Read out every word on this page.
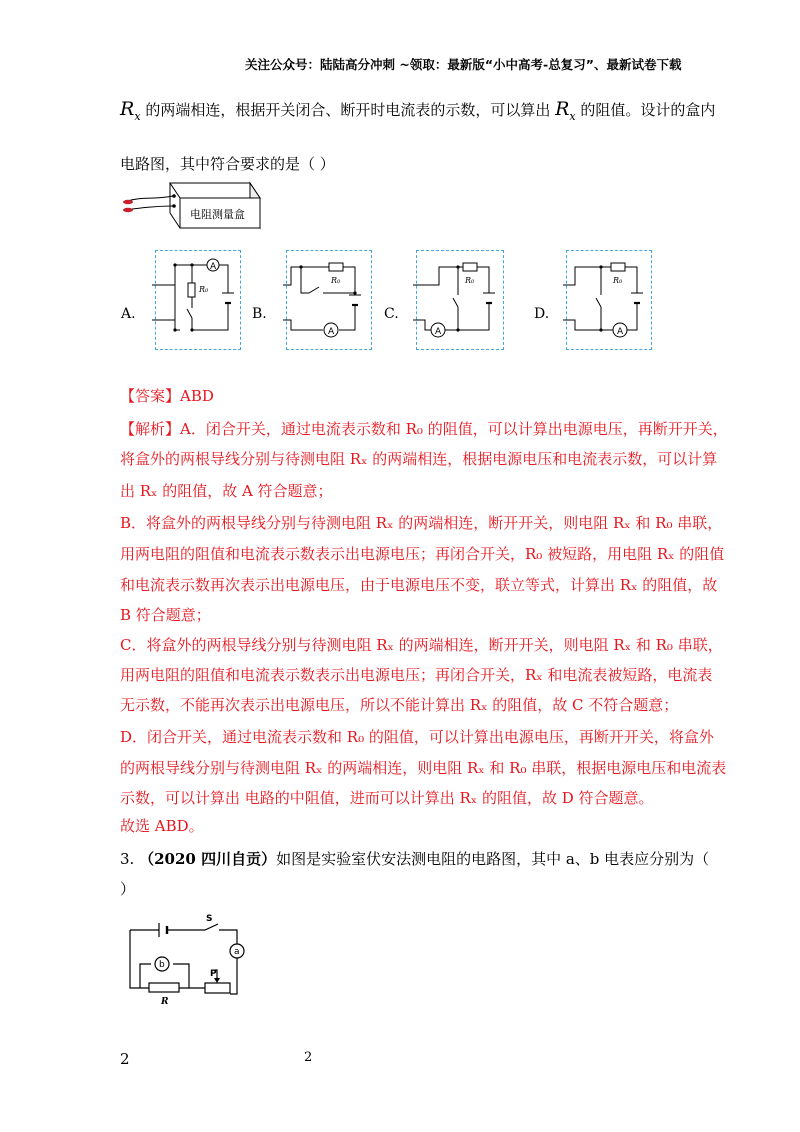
关注公众号：陆陆高分冲刺 ~领取：最新版“小中高考-总复习”、最新试卷下载
$R_x$ 的两端相连，根据开关闭合、断开时电流表的示数，可以算出 $R_x$ 的阻值。设计的盒内
电路图，其中符合要求的是（ ）
电阻测量盒
A.
A
R₀
B.
A
R₀
C.
A
R₀
D.
A
R₀
【答案】ABD
【解析】A．闭合开关，通过电流表示数和 R₀ 的阻值，可以计算出电源电压，再断开开关，
将盒外的两根导线分别与待测电阻 Rₓ 的两端相连，根据电源电压和电流表示数，可以计算
出 Rₓ 的阻值，故 A 符合题意；
B．将盒外的两根导线分别与待测电阻 Rₓ 的两端相连，断开开关，则电阻 Rₓ 和 R₀ 串联，
用两电阻的阻值和电流表示数表示出电源电压；再闭合开关，R₀ 被短路，用电阻 Rₓ 的阻值
和电流表示数再次表示出电源电压，由于电源电压不变，联立等式，计算出 Rₓ 的阻值，故
B 符合题意；
C．将盒外的两根导线分别与待测电阻 Rₓ 的两端相连，断开开关，则电阻 Rₓ 和 R₀ 串联，
用两电阻的阻值和电流表示数表示出电源电压；再闭合开关，Rₓ 和电流表被短路，电流表
无示数，不能再次表示出电源电压，所以不能计算出 Rₓ 的阻值，故 C 不符合题意；
D．闭合开关，通过电流表示数和 R₀ 的阻值，可以计算出电源电压，再断开开关，将盒外
的两根导线分别与待测电阻 Rₓ 的两端相连，则电阻 Rₓ 和 R₀ 串联，根据电源电压和电流表
示数，可以计算出 电路的中阻值，进而可以计算出 Rₓ 的阻值，故 D 符合题意。
故选 ABD。
3. （2020 四川自贡）如图是实验室伏安法测电阻的电路图，其中 a、b 电表应分别为（
）
S
a
b
P
R
2	2
